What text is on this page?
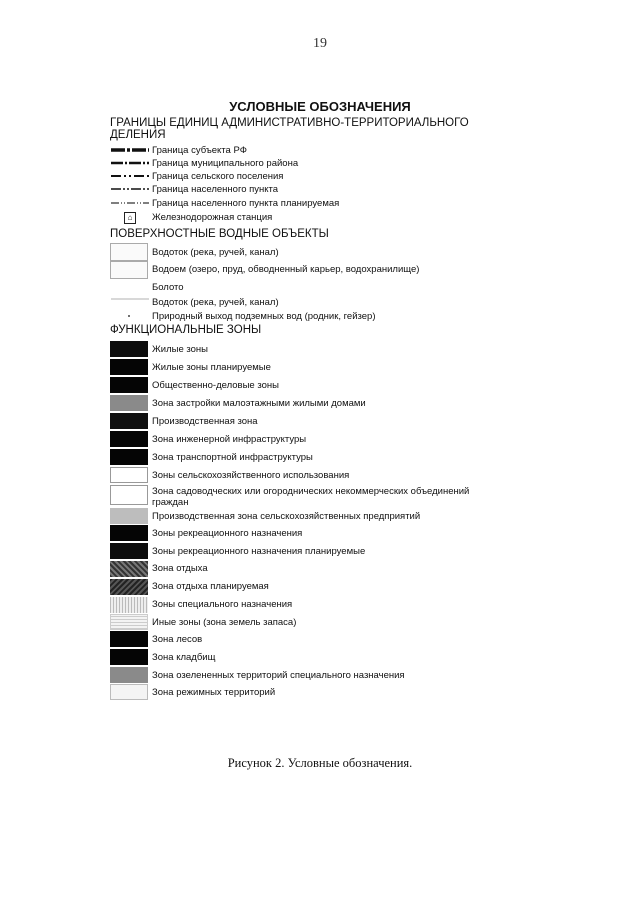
19
УСЛОВНЫЕ ОБОЗНАЧЕНИЯ
ГРАНИЦЫ ЕДИНИЦ АДМИНИСТРАТИВНО-ТЕРРИТОРИАЛЬНОГО ДЕЛЕНИЯ
Граница субъекта РФ
Граница муниципального района
Граница сельского поселения
Граница населенного пункта
Граница населенного пункта планируемая
⌂	Железнодорожная станция
ПОВЕРХНОСТНЫЕ ВОДНЫЕ ОБЪЕКТЫ
Водоток (река, ручей, канал)
Водоем (озеро, пруд, обводненный карьер, водохранилище)
Болото
Водоток (река, ручей, канал)
Природный выход подземных вод (родник, гейзер)
ФУНКЦИОНАЛЬНЫЕ ЗОНЫ
Жилые зоны
Жилые зоны планируемые
Общественно-деловые зоны
Зона застройки малоэтажными жилыми домами
Производственная зона
Зона инженерной инфраструктуры
Зона транспортной инфраструктуры
Зоны сельскохозяйственного использования
Зона садоводческих или огороднических некоммерческих объединений граждан
Производственная зона сельскохозяйственных предприятий
Зоны рекреационного назначения
Зоны рекреационного назначения планируемые
Зона отдыха
Зона отдыха планируемая
Зоны специального назначения
Иные зоны (зона земель запаса)
Зона лесов
Зона кладбищ
Зона озелененных территорий специального назначения
Зона режимных территорий
Рисунок 2. Условные обозначения.
